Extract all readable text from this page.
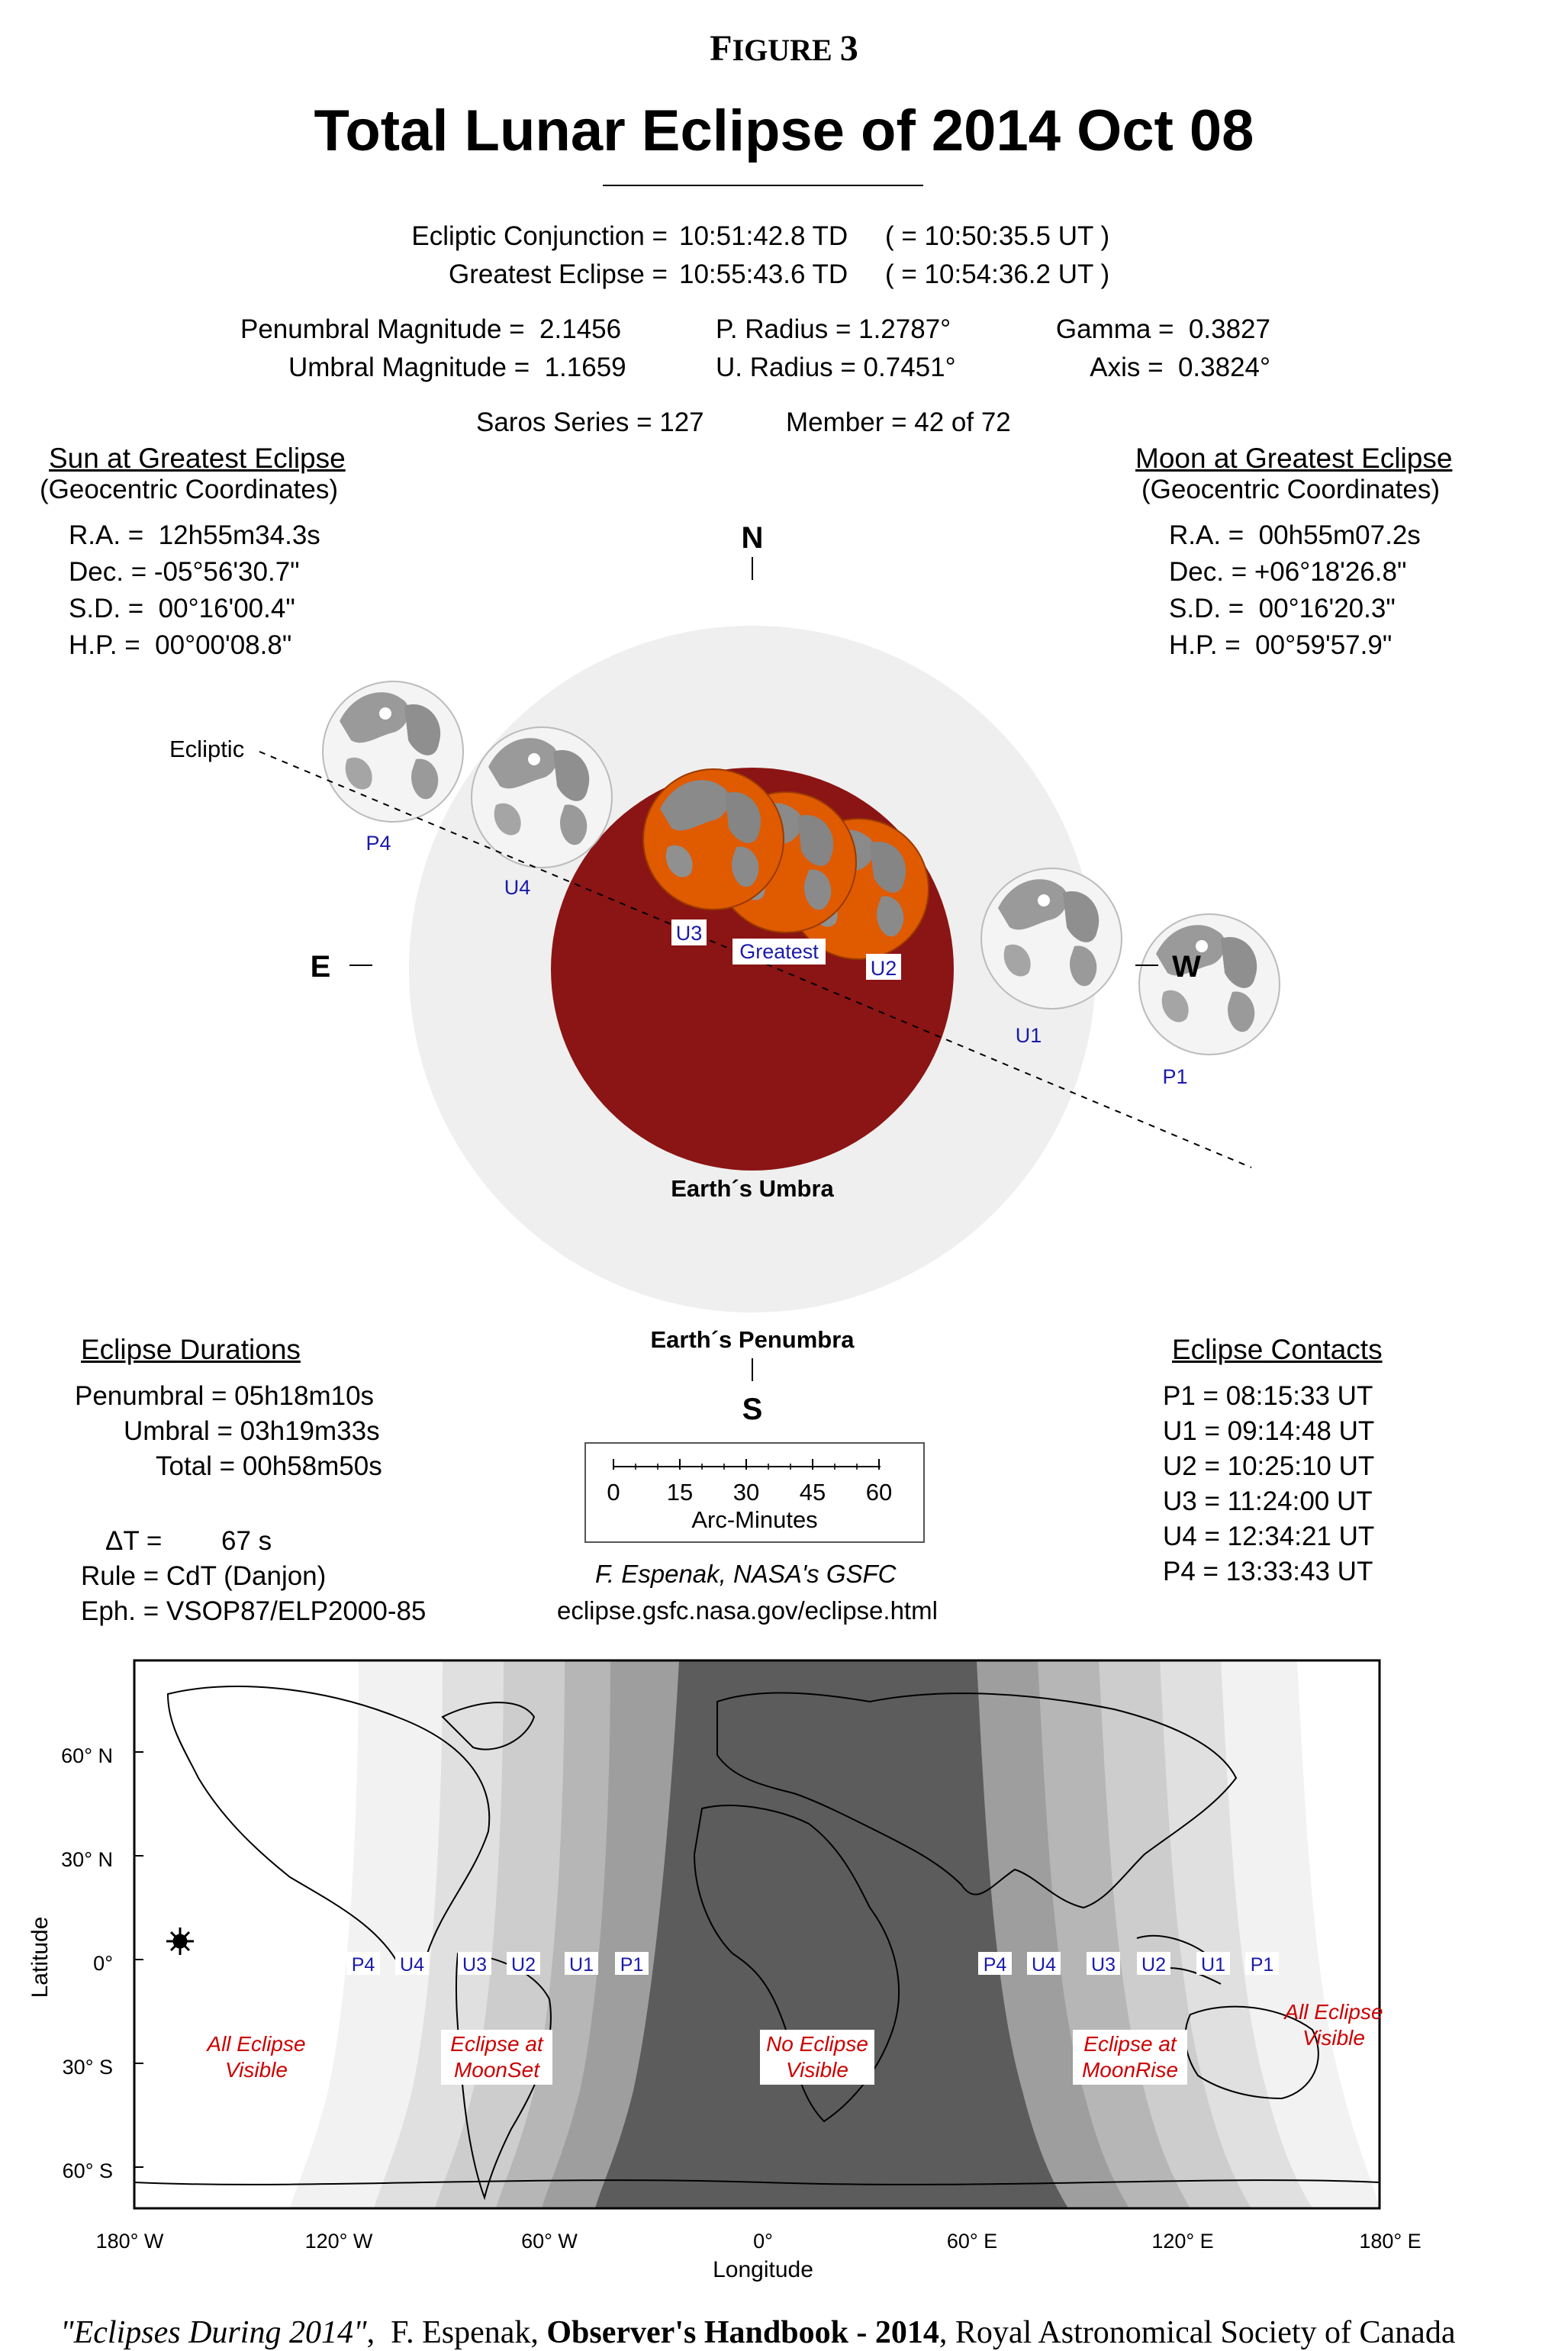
FIGURE 3
Total Lunar Eclipse of 2014 Oct 08
Ecliptic Conjunction = 10:51:42.8 TD ( = 10:50:35.5 UT )
Greatest Eclipse = 10:55:43.6 TD ( = 10:54:36.2 UT )
Penumbral Magnitude =  2.1456
Umbral Magnitude =  1.1659
P. Radius = 1.2787°
U. Radius = 0.7451°
Gamma =  0.3827
Axis =  0.3824°
Saros Series = 127	Member = 42 of 72
Sun at Greatest Eclipse
(Geocentric Coordinates)
R.A. =  12h55m34.3s
Dec. = -05°56'30.7"
S.D. =  00°16'00.4"
H.P. =  00°00'08.8"
Moon at Greatest Eclipse
(Geocentric Coordinates)
R.A. =  00h55m07.2s
Dec. = +06°18'26.8"
S.D. =  00°16'20.3"
H.P. =  00°59'57.9"
Ecliptic
Earth´s Umbra
Earth´s Penumbra
N
S
E	W
P1
U1
U2
U3
Greatest
U4
P4
Eclipse Durations
Penumbral = 05h18m10s
Umbral = 03h19m33s
Total = 00h58m50s
ΔT = 67 s
Rule = CdT (Danjon)
Eph. = VSOP87/ELP2000-85
Eclipse Contacts
P1 = 08:15:33 UT
U1 = 09:14:48 UT
U2 = 10:25:10 UT
U3 = 11:24:00 UT
U4 = 12:34:21 UT
P4 = 13:33:43 UT
0 15 30 45 60
Arc-Minutes
F. Espenak, NASA's GSFC
eclipse.gsfc.nasa.gov/eclipse.html
60° N
30° N
0°
30° S
60° S
Latitude
180° W	120° W	60° W	0°	60° E	120° E	180° E
Longitude
P4 U4 U3 U2 U1 P1	P4 U4 U3 U2 U1 P1
All Eclipse
Visible
Eclipse at
MoonSet
No Eclipse
Visible
Eclipse at
MoonRise
All Eclipse
Visible

"Eclipses During 2014",  F. Espenak, Observer's Handbook - 2014, Royal Astronomical Society of Canada
